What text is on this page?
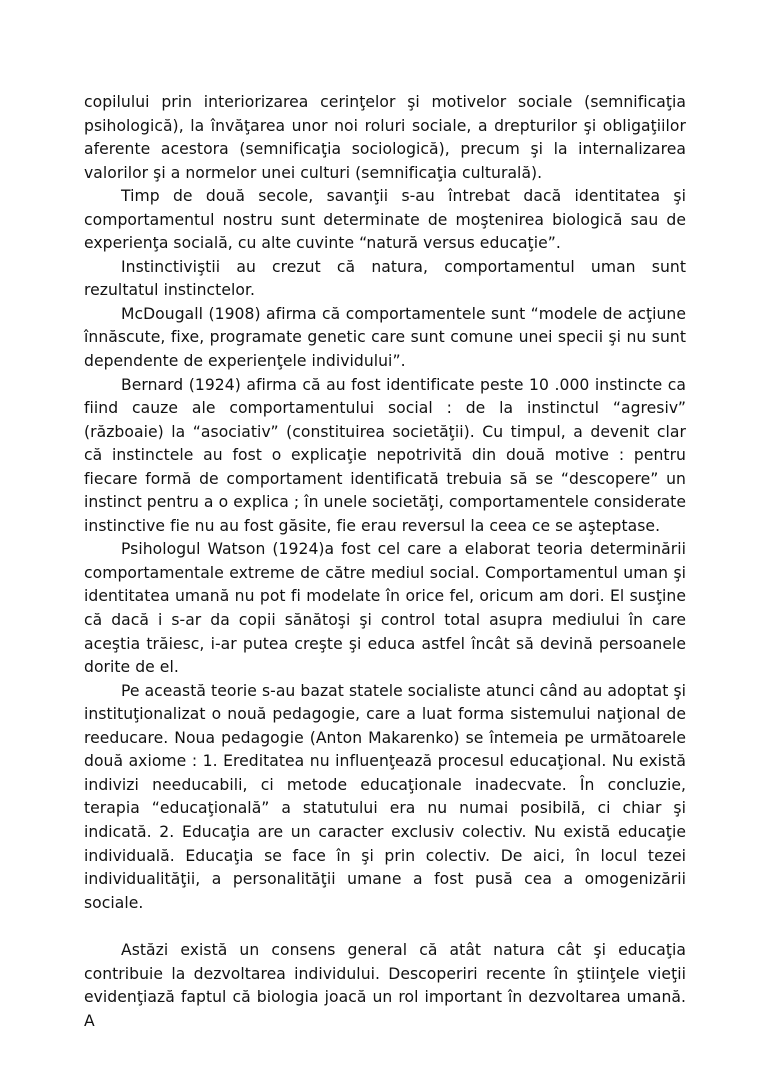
copilului prin interiorizarea cerinţelor şi motivelor sociale (semnificaţia psihologică), la învăţarea unor noi roluri sociale, a drepturilor şi obligaţiilor aferente acestora (semnificaţia sociologică), precum şi la internalizarea valorilor şi a normelor unei culturi (semnificaţia culturală).

Timp de două secole, savanţii s-au întrebat dacă identitatea şi comportamentul nostru sunt determinate de moştenirea biologică sau de experienţa socială, cu alte cuvinte “natură versus educaţie”.

Instinctiviştii au crezut că natura, comportamentul uman sunt rezultatul instinctelor.

McDougall (1908) afirma că comportamentele sunt “modele de acţiune înnăscute, fixe, programate genetic care sunt comune unei specii şi nu sunt dependente de experienţele individului”.

Bernard (1924) afirma că au fost identificate peste 10 .000 instincte ca fiind cauze ale comportamentului social : de la instinctul “agresiv” (războaie) la “asociativ” (constituirea societăţii). Cu timpul, a devenit clar că instinctele au fost o explicaţie nepotrivită din două motive : pentru fiecare formă de comportament identificată trebuia să se “descopere” un instinct pentru a o explica ; în unele societăţi, comportamentele considerate instinctive fie nu au fost găsite, fie erau reversul la ceea ce se aşteptase.

Psihologul Watson (1924)a fost cel care a elaborat teoria determinării comportamentale extreme de către mediul social. Comportamentul uman şi identitatea umană nu pot fi modelate în orice fel, oricum am dori. El susţine că dacă i s-ar da copii sănătoşi şi control total asupra mediului în care aceştia trăiesc, i-ar putea creşte şi educa astfel încât să devină persoanele dorite de el.

Pe această teorie s-au bazat statele socialiste atunci când au adoptat şi instituţionalizat o nouă pedagogie, care a luat forma sistemului naţional de reeducare. Noua pedagogie (Anton Makarenko) se întemeia pe următoarele două axiome : 1. Ereditatea nu influenţează procesul educaţional. Nu există indivizi needucabili, ci metode educaţionale inadecvate. În concluzie, terapia “educaţională” a statutului era nu numai posibilă, ci chiar şi indicată. 2. Educaţia are un caracter exclusiv colectiv. Nu există educaţie individuală. Educaţia se face în şi prin colectiv. De aici, în locul tezei individualităţii, a personalităţii umane a fost pusă cea a omogenizării sociale.

Astăzi există un consens general că atât natura cât şi educaţia contribuie la dezvoltarea individului. Descoperiri recente în ştiinţele vieţii evidenţiază faptul că biologia joacă un rol important în dezvoltarea umană. A
